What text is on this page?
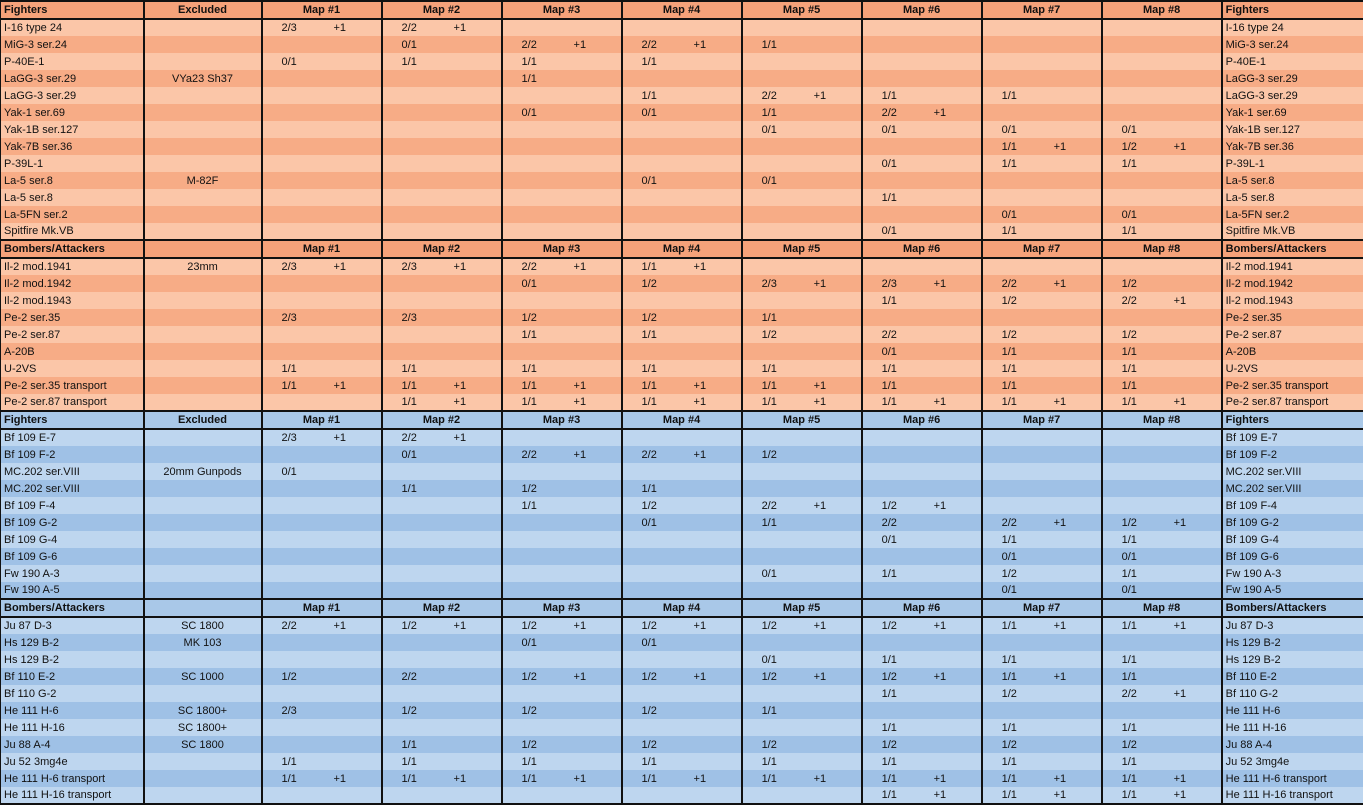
Fighters	Excluded	Map #1		Map #2		Map #3		Map #4		Map #5		Map #6		Map #7		Map #8		Fighters
I-16 type 24		2/3	+1	2/2	+1													I-16 type 24
MiG-3 ser.24				0/1		2/2	+1	2/2	+1	1/1								MiG-3 ser.24
P-40E-1		0/1		1/1		1/1		1/1										P-40E-1
LaGG-3 ser.29	VYa23 Sh37					1/1												LaGG-3 ser.29
LaGG-3 ser.29								1/1		2/2	+1	1/1		1/1				LaGG-3 ser.29
Yak-1 ser.69						0/1		0/1		1/1		2/2	+1					Yak-1 ser.69
Yak-1B ser.127										0/1		0/1		0/1		0/1		Yak-1B ser.127
Yak-7B ser.36														1/1	+1	1/2	+1	Yak-7B ser.36
P-39L-1												0/1		1/1		1/1		P-39L-1
La-5 ser.8	M-82F							0/1		0/1								La-5 ser.8
La-5 ser.8												1/1						La-5 ser.8
La-5FN ser.2														0/1		0/1		La-5FN ser.2
Spitfire Mk.VB												0/1		1/1		1/1		Spitfire Mk.VB
Bombers/Attackers		Map #1		Map #2		Map #3		Map #4		Map #5		Map #6		Map #7		Map #8		Bombers/Attackers
Il-2 mod.1941	23mm	2/3	+1	2/3	+1	2/2	+1	1/1	+1									Il-2 mod.1941
Il-2 mod.1942						0/1		1/2		2/3	+1	2/3	+1	2/2	+1	1/2		Il-2 mod.1942
Il-2 mod.1943												1/1		1/2		2/2	+1	Il-2 mod.1943
Pe-2 ser.35		2/3		2/3		1/2		1/2		1/1								Pe-2 ser.35
Pe-2 ser.87						1/1		1/1		1/2		2/2		1/2		1/2		Pe-2 ser.87
A-20B												0/1		1/1		1/1		A-20B
U-2VS		1/1		1/1		1/1		1/1		1/1		1/1		1/1		1/1		U-2VS
Pe-2 ser.35 transport		1/1	+1	1/1	+1	1/1	+1	1/1	+1	1/1	+1	1/1		1/1		1/1		Pe-2 ser.35 transport
Pe-2 ser.87 transport				1/1	+1	1/1	+1	1/1	+1	1/1	+1	1/1	+1	1/1	+1	1/1	+1	Pe-2 ser.87 transport
Fighters	Excluded	Map #1		Map #2		Map #3		Map #4		Map #5		Map #6		Map #7		Map #8		Fighters
Bf 109 E-7		2/3	+1	2/2	+1													Bf 109 E-7
Bf 109 F-2				0/1		2/2	+1	2/2	+1	1/2								Bf 109 F-2
MC.202 ser.VIII	20mm Gunpods	0/1																MC.202 ser.VIII
MC.202 ser.VIII				1/1		1/2		1/1										MC.202 ser.VIII
Bf 109 F-4						1/1		1/2		2/2	+1	1/2	+1					Bf 109 F-4
Bf 109 G-2								0/1		1/1		2/2		2/2	+1	1/2	+1	Bf 109 G-2
Bf 109 G-4												0/1		1/1		1/1		Bf 109 G-4
Bf 109 G-6														0/1		0/1		Bf 109 G-6
Fw 190 A-3										0/1		1/1		1/2		1/1		Fw 190 A-3
Fw 190 A-5														0/1		0/1		Fw 190 A-5
Bombers/Attackers		Map #1		Map #2		Map #3		Map #4		Map #5		Map #6		Map #7		Map #8		Bombers/Attackers
Ju 87 D-3	SC 1800	2/2	+1	1/2	+1	1/2	+1	1/2	+1	1/2	+1	1/2	+1	1/1	+1	1/1	+1	Ju 87 D-3
Hs 129 B-2	MK 103					0/1		0/1										Hs 129 B-2
Hs 129 B-2										0/1		1/1		1/1		1/1		Hs 129 B-2
Bf 110 E-2	SC 1000	1/2		2/2		1/2	+1	1/2	+1	1/2	+1	1/2	+1	1/1	+1	1/1		Bf 110 E-2
Bf 110 G-2												1/1		1/2		2/2	+1	Bf 110 G-2
He 111 H-6	SC 1800+	2/3		1/2		1/2		1/2		1/1								He 111 H-6
He 111 H-16	SC 1800+											1/1		1/1		1/1		He 111 H-16
Ju 88 A-4	SC 1800			1/1		1/2		1/2		1/2		1/2		1/2		1/2		Ju 88 A-4
Ju 52 3mg4e		1/1		1/1		1/1		1/1		1/1		1/1		1/1		1/1		Ju 52 3mg4e
He 111 H-6 transport		1/1	+1	1/1	+1	1/1	+1	1/1	+1	1/1	+1	1/1	+1	1/1	+1	1/1	+1	He 111 H-6 transport
He 111 H-16 transport												1/1	+1	1/1	+1	1/1	+1	He 111 H-16 transport
